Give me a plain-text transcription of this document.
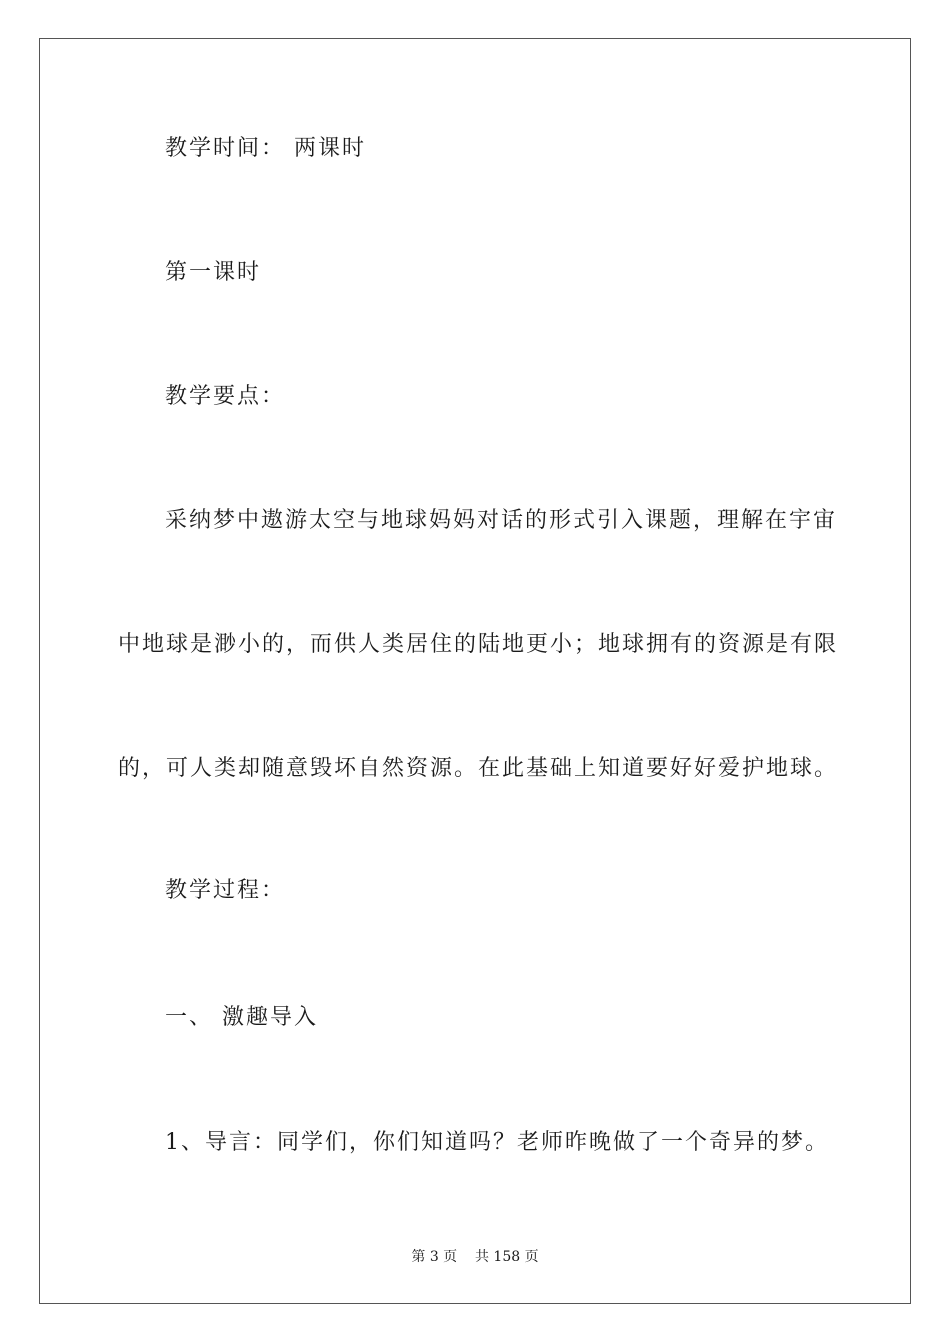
教学时间： 两课时
第一课时
教学要点：
采纳梦中遨游太空与地球妈妈对话的形式引入课题，理解在宇宙
中地球是渺小的，而供人类居住的陆地更小；地球拥有的资源是有限
的，可人类却随意毁坏自然资源。在此基础上知道要好好爱护地球。
教学过程：
一、 激趣导入
1、导言：同学们，你们知道吗？老师昨晚做了一个奇异的梦。
第 3 页    共 158 页
